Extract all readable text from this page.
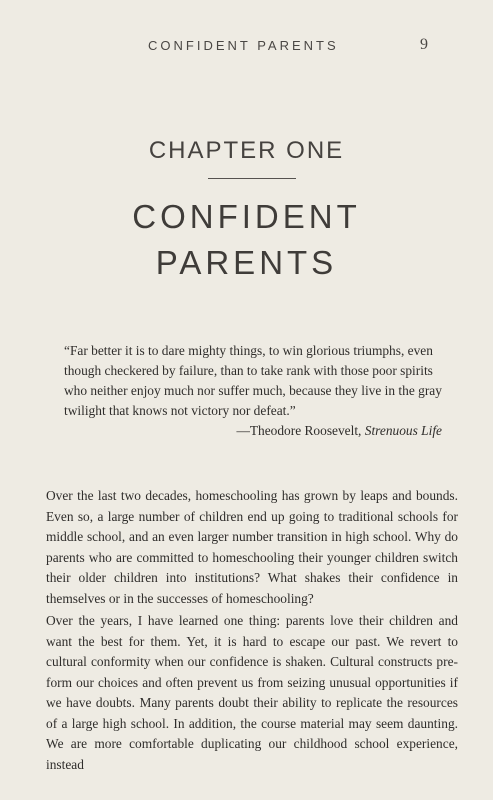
CONFIDENT PARENTS	9
CHAPTER ONE
CONFIDENT
PARENTS

“Far better it is to dare mighty things, to win glorious triumphs, even though checkered by failure, than to take rank with those poor spirits who neither enjoy much nor suffer much, because they live in the gray twilight that knows not victory nor defeat.”

—Theodore Roosevelt, Strenuous Life

Over the last two decades, homeschooling has grown by leaps and bounds. Even so, a large number of children end up going to traditional schools for middle school, and an even larger number transition in high school. Why do parents who are committed to homeschooling their younger children switch their older children into institutions? What shakes their confidence in themselves or in the successes of homeschooling?

Over the years, I have learned one thing: parents love their children and want the best for them. Yet, it is hard to escape our past. We revert to cultural conformity when our confidence is shaken. Cultural constructs pre-form our choices and often prevent us from seizing unusual opportunities if we have doubts. Many parents doubt their ability to replicate the resources of a large high school. In addition, the course material may seem daunting. We are more comfortable duplicating our childhood school experience, instead
